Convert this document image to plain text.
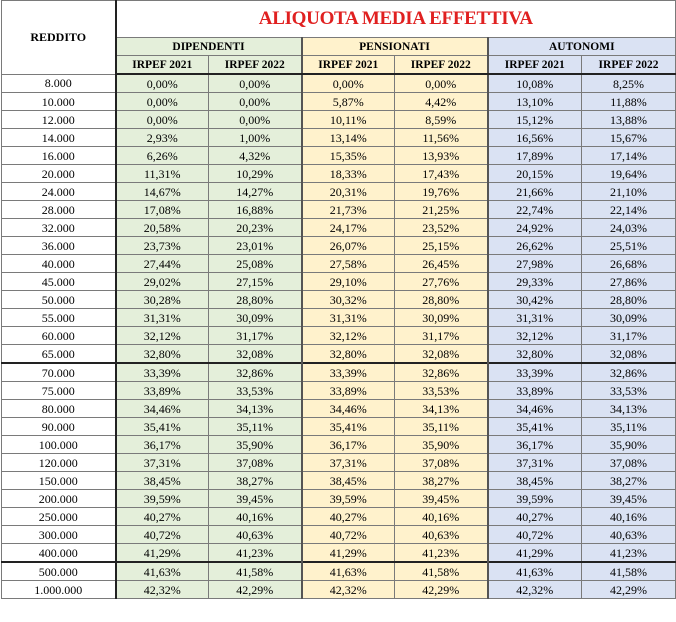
REDDITO	ALIQUOTA MEDIA EFFETTIVA					
	DIPENDENTI		PENSIONATI		AUTONOMI	
	IRPEF 2021	IRPEF 2022	IRPEF 2021	IRPEF 2022	IRPEF 2021	IRPEF 2022
8.000	0,00%	0,00%	0,00%	0,00%	10,08%	8,25%
10.000	0,00%	0,00%	5,87%	4,42%	13,10%	11,88%
12.000	0,00%	0,00%	10,11%	8,59%	15,12%	13,88%
14.000	2,93%	1,00%	13,14%	11,56%	16,56%	15,67%
16.000	6,26%	4,32%	15,35%	13,93%	17,89%	17,14%
20.000	11,31%	10,29%	18,33%	17,43%	20,15%	19,64%
24.000	14,67%	14,27%	20,31%	19,76%	21,66%	21,10%
28.000	17,08%	16,88%	21,73%	21,25%	22,74%	22,14%
32.000	20,58%	20,23%	24,17%	23,52%	24,92%	24,03%
36.000	23,73%	23,01%	26,07%	25,15%	26,62%	25,51%
40.000	27,44%	25,08%	27,58%	26,45%	27,98%	26,68%
45.000	29,02%	27,15%	29,10%	27,76%	29,33%	27,86%
50.000	30,28%	28,80%	30,32%	28,80%	30,42%	28,80%
55.000	31,31%	30,09%	31,31%	30,09%	31,31%	30,09%
60.000	32,12%	31,17%	32,12%	31,17%	32,12%	31,17%
65.000	32,80%	32,08%	32,80%	32,08%	32,80%	32,08%
70.000	33,39%	32,86%	33,39%	32,86%	33,39%	32,86%
75.000	33,89%	33,53%	33,89%	33,53%	33,89%	33,53%
80.000	34,46%	34,13%	34,46%	34,13%	34,46%	34,13%
90.000	35,41%	35,11%	35,41%	35,11%	35,41%	35,11%
100.000	36,17%	35,90%	36,17%	35,90%	36,17%	35,90%
120.000	37,31%	37,08%	37,31%	37,08%	37,31%	37,08%
150.000	38,45%	38,27%	38,45%	38,27%	38,45%	38,27%
200.000	39,59%	39,45%	39,59%	39,45%	39,59%	39,45%
250.000	40,27%	40,16%	40,27%	40,16%	40,27%	40,16%
300.000	40,72%	40,63%	40,72%	40,63%	40,72%	40,63%
400.000	41,29%	41,23%	41,29%	41,23%	41,29%	41,23%
500.000	41,63%	41,58%	41,63%	41,58%	41,63%	41,58%
1.000.000	42,32%	42,29%	42,32%	42,29%	42,32%	42,29%
